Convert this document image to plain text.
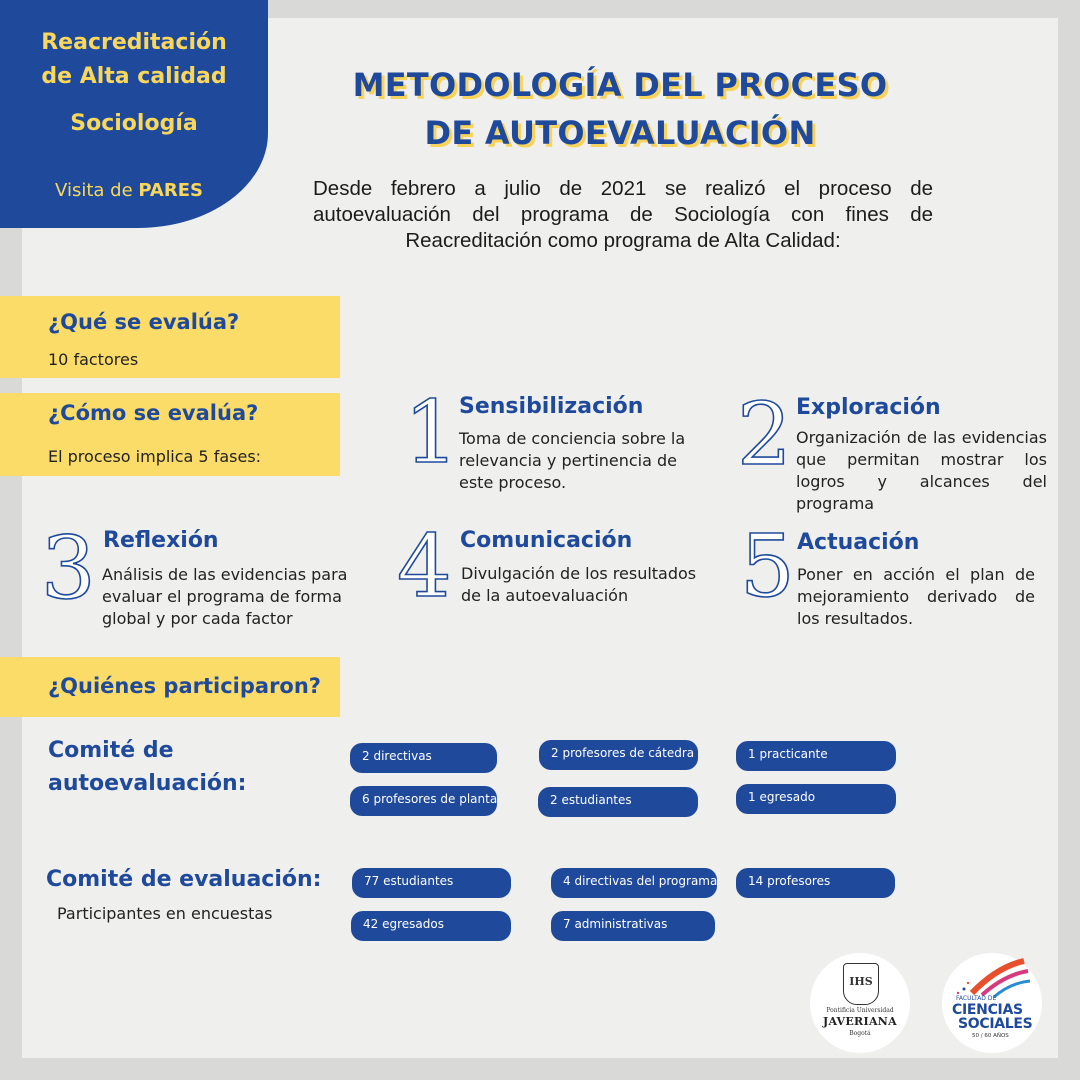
Reacreditación
de Alta calidad
Sociología
Visita de PARES
METODOLOGÍA DEL PROCESO
DE AUTOEVALUACIÓN
Desde febrero a julio de 2021 se realizó el proceso de autoevaluación del programa de Sociología con fines de Reacreditación como programa de Alta Calidad:
¿Qué se evalúa?
10 factores
¿Cómo se evalúa?
El proceso implica 5 fases: 1 Sensibilización
Toma de conciencia sobre la relevancia y pertinencia de este proceso.	2 Exploración
Organización de las evidencias que permitan mostrar los logros y alcances del programa
3 Reflexión
Análisis de las evidencias para evaluar el programa de forma global y por cada factor
4 Comunicación
Divulgación de los resultados de la autoevaluación	5 Actuación
Poner en acción el plan de mejoramiento derivado de los resultados.
¿Quiénes participaron?
Comité de
autoevaluación:
2 directivas	2 profesores de cátedra	1 practicante
6 profesores de planta	2 estudiantes	1 egresado
Comité de evaluación:
Participantes en encuestas
77 estudiantes	4 directivas del programa	14 profesores
42 egresados	7 administrativas
IHS
Pontificia Universidad
JAVERIANA
Bogotá
FACULTAD DE
CIENCIAS
SOCIALES
50 / 60 AÑOS
